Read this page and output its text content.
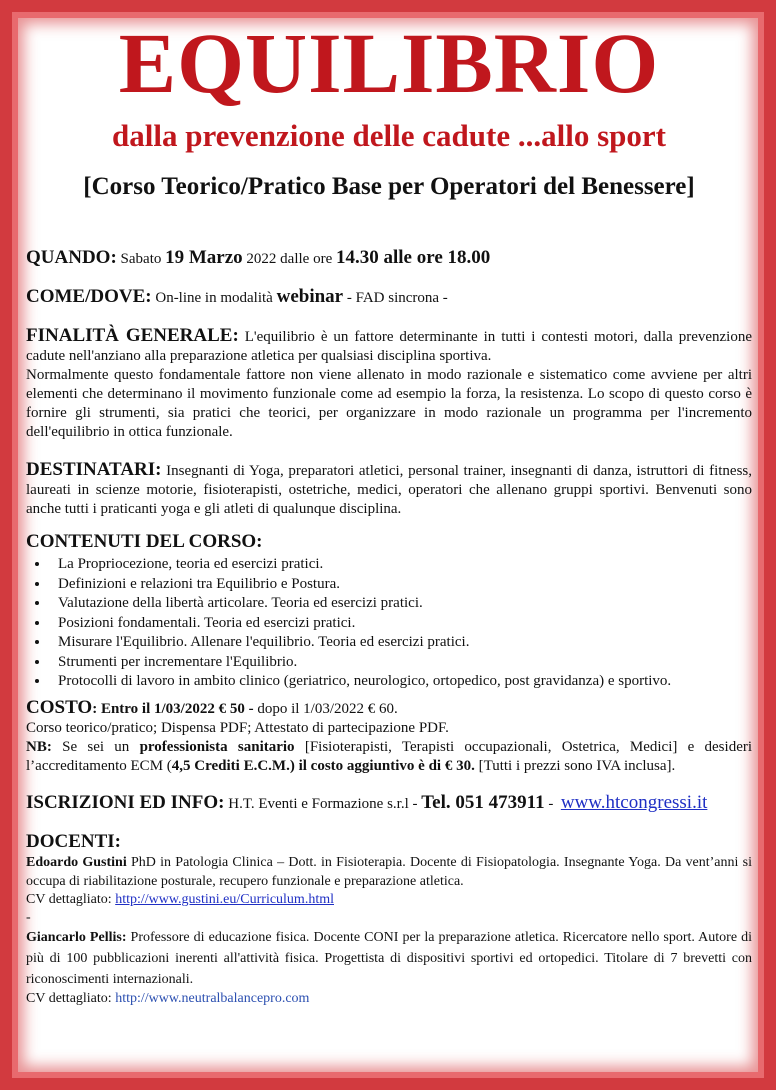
EQUILIBRIO
dalla prevenzione delle cadute ...allo sport
[Corso Teorico/Pratico Base per Operatori del Benessere]

QUANDO: Sabato 19 Marzo 2022 dalle ore 14.30 alle ore 18.00

COME/DOVE: On-line in modalità webinar - FAD sincrona -

FINALITÀ GENERALE: L'equilibrio è un fattore determinante in tutti i contesti motori, dalla prevenzione cadute nell'anziano alla preparazione atletica per qualsiasi disciplina sportiva.
Normalmente questo fondamentale fattore non viene allenato in modo razionale e sistematico come avviene per altri elementi che determinano il movimento funzionale come ad esempio la forza, la resistenza. Lo scopo di questo corso è fornire gli strumenti, sia pratici che teorici, per organizzare in modo razionale un programma per l'incremento dell'equilibrio in ottica funzionale.

DESTINATARI: Insegnanti di Yoga, preparatori atletici, personal trainer, insegnanti di danza, istruttori di fitness, laureati in scienze motorie, fisioterapisti, ostetriche, medici, operatori che allenano gruppi sportivi. Benvenuti sono anche tutti i praticanti yoga e gli atleti di qualunque disciplina.

CONTENUTI DEL CORSO:
• La Propriocezione, teoria ed esercizi pratici.
• Definizioni e relazioni tra Equilibrio e Postura.
• Valutazione della libertà articolare. Teoria ed esercizi pratici.
• Posizioni fondamentali. Teoria ed esercizi pratici.
• Misurare l'Equilibrio. Allenare l'equilibrio. Teoria ed esercizi pratici.
• Strumenti per incrementare l'Equilibrio.
• Protocolli di lavoro in ambito clinico (geriatrico, neurologico, ortopedico, post gravidanza) e sportivo.

COSTO: Entro il 1/03/2022 € 50 - dopo il 1/03/2022 € 60.
Corso teorico/pratico; Dispensa PDF; Attestato di partecipazione PDF.
NB: Se sei un professionista sanitario [Fisioterapisti, Terapisti occupazionali, Ostetrica, Medici] e desideri l’accreditamento ECM (4,5 Crediti E.C.M.) il costo aggiuntivo è di € 30. [Tutti i prezzi sono IVA inclusa].

ISCRIZIONI ED INFO: H.T. Eventi e Formazione s.r.l - Tel. 051 473911 - www.htcongressi.it

DOCENTI:

Edoardo Gustini PhD in Patologia Clinica – Dott. in Fisioterapia. Docente di Fisiopatologia. Insegnante Yoga. Da vent’anni si occupa di riabilitazione posturale, recupero funzionale e preparazione atletica.

CV dettagliato: http://www.gustini.eu/Curriculum.html

-

Giancarlo Pellis: Professore di educazione fisica. Docente CONI per la preparazione atletica. Ricercatore nello sport. Autore di più di 100 pubblicazioni inerenti all'attività fisica. Progettista di dispositivi sportivi ed ortopedici. Titolare di 7 brevetti con riconoscimenti internazionali.

CV dettagliato: http://www.neutralbalancepro.com
